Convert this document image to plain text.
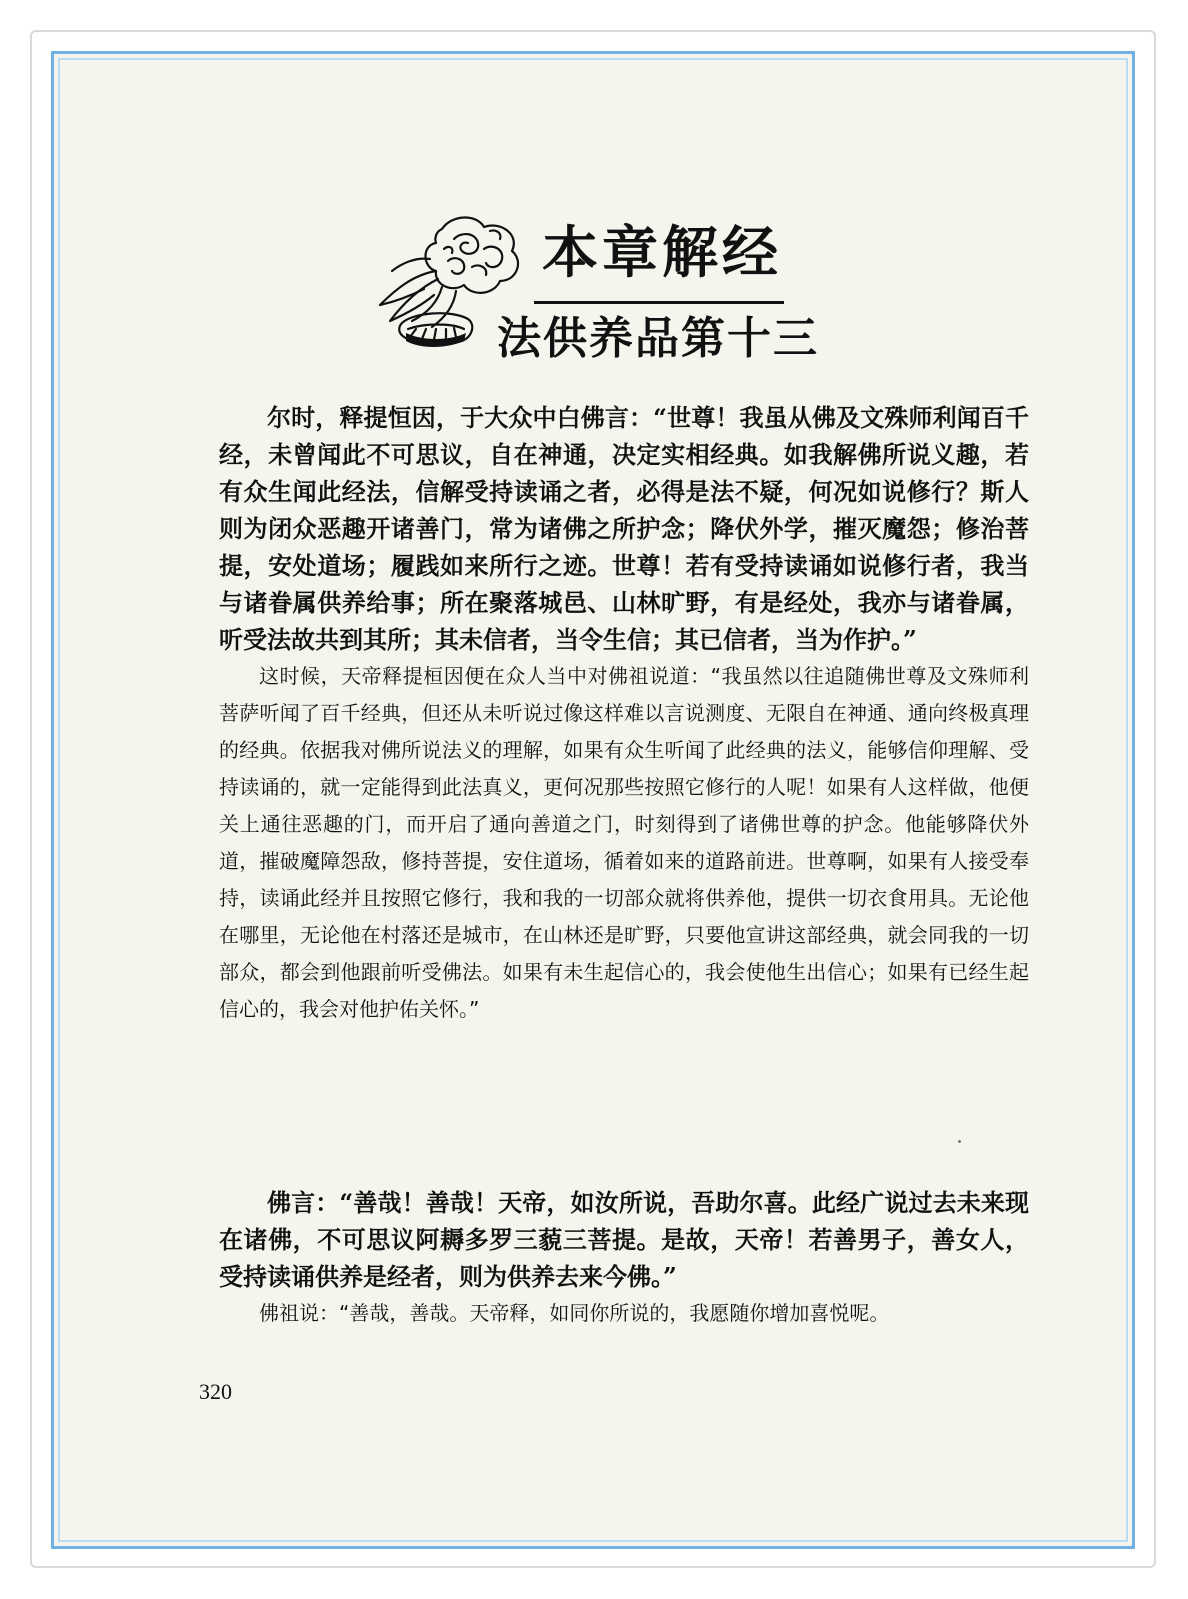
本章解经
法供养品第十三

尔时，释提恒因，于大众中白佛言：“世尊！我虽从佛及文殊师利闻百千经，未曾闻此不可思议，自在神通，决定实相经典。如我解佛所说义趣，若有众生闻此经法，信解受持读诵之者，必得是法不疑，何况如说修行？斯人则为闭众恶趣开诸善门，常为诸佛之所护念；降伏外学，摧灭魔怨；修治菩提，安处道场；履践如来所行之迹。世尊！若有受持读诵如说修行者，我当与诸眷属供养给事；所在聚落城邑、山林旷野，有是经处，我亦与诸眷属，听受法故共到其所；其未信者，当令生信；其已信者，当为作护。”

这时候，天帝释提桓因便在众人当中对佛祖说道：“我虽然以往追随佛世尊及文殊师利菩萨听闻了百千经典，但还从未听说过像这样难以言说测度、无限自在神通、通向终极真理的经典。依据我对佛所说法义的理解，如果有众生听闻了此经典的法义，能够信仰理解、受持读诵的，就一定能得到此法真义，更何况那些按照它修行的人呢！如果有人这样做，他便关上通往恶趣的门，而开启了通向善道之门，时刻得到了诸佛世尊的护念。他能够降伏外道，摧破魔障怨敌，修持菩提，安住道场，循着如来的道路前进。世尊啊，如果有人接受奉持，读诵此经并且按照它修行，我和我的一切部众就将供养他，提供一切衣食用具。无论他在哪里，无论他在村落还是城市，在山林还是旷野，只要他宣讲这部经典，就会同我的一切部众，都会到他跟前听受佛法。如果有未生起信心的，我会使他生出信心；如果有已经生起信心的，我会对他护佑关怀。”

佛言：“善哉！善哉！天帝，如汝所说，吾助尔喜。此经广说过去未来现在诸佛，不可思议阿耨多罗三藐三菩提。是故，天帝！若善男子，善女人，受持读诵供养是经者，则为供养去来今佛。”

佛祖说：“善哉，善哉。天帝释，如同你所说的，我愿随你增加喜悦呢。

320
